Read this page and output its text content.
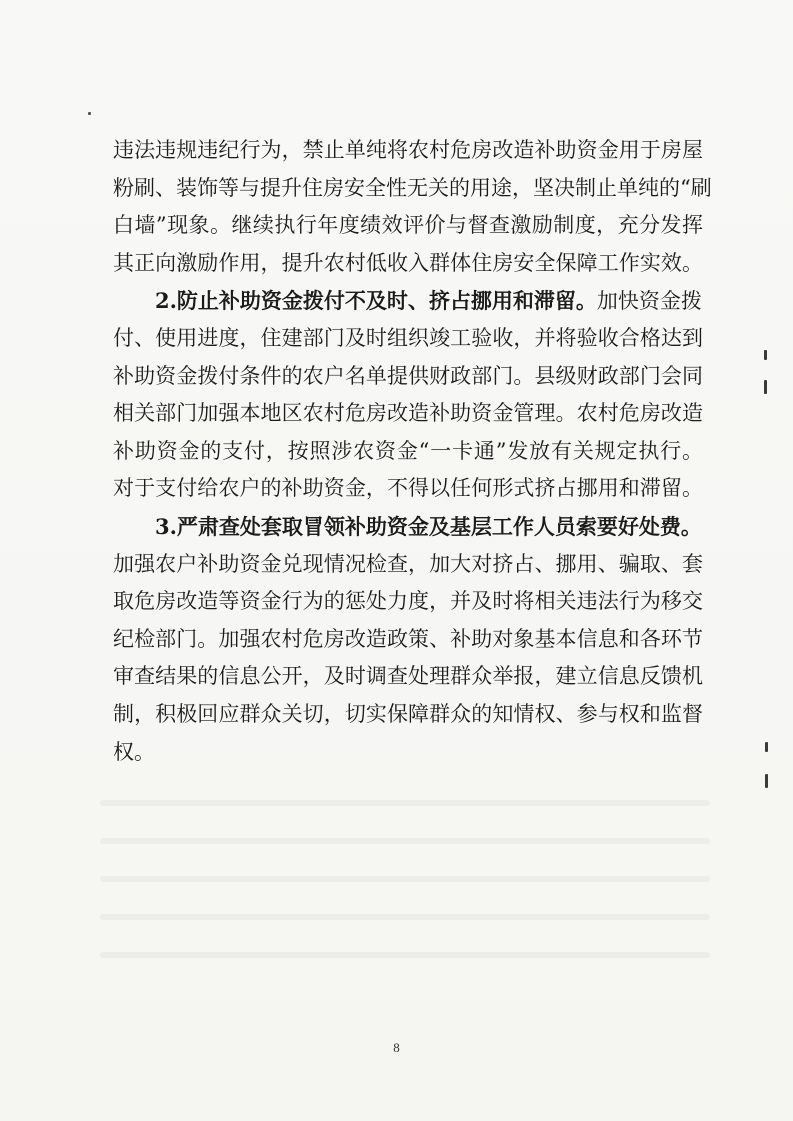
违法违规违纪行为，禁止单纯将农村危房改造补助资金用于房屋
粉刷、装饰等与提升住房安全性无关的用途，坚决制止单纯的“刷
白墙”现象。继续执行年度绩效评价与督查激励制度，充分发挥
其正向激励作用，提升农村低收入群体住房安全保障工作实效。
2.防止补助资金拨付不及时、挤占挪用和滞留。加快资金拨
付、使用进度，住建部门及时组织竣工验收，并将验收合格达到
补助资金拨付条件的农户名单提供财政部门。县级财政部门会同
相关部门加强本地区农村危房改造补助资金管理。农村危房改造
补助资金的支付，按照涉农资金“一卡通”发放有关规定执行。
对于支付给农户的补助资金，不得以任何形式挤占挪用和滞留。
3.严肃查处套取冒领补助资金及基层工作人员索要好处费。
加强农户补助资金兑现情况检查，加大对挤占、挪用、骗取、套
取危房改造等资金行为的惩处力度，并及时将相关违法行为移交
纪检部门。加强农村危房改造政策、补助对象基本信息和各环节
审查结果的信息公开，及时调查处理群众举报，建立信息反馈机
制，积极回应群众关切，切实保障群众的知情权、参与权和监督
权。
8
